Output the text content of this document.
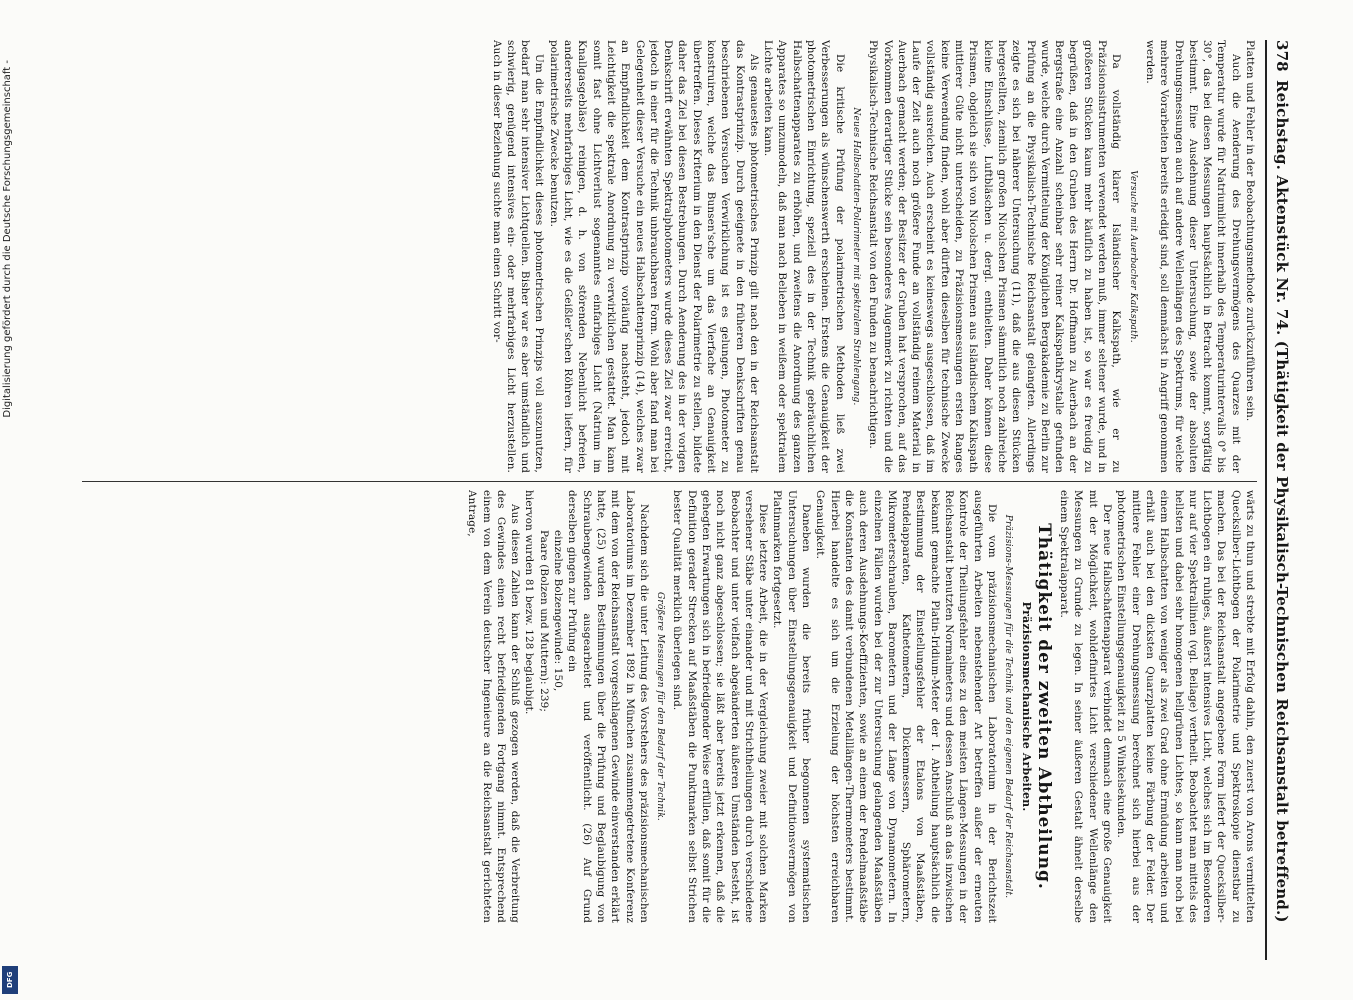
Digitalisierung gefördert durch die Deutsche Forschungsgemeinschaft -
DFG
378
Reichstag. Aktenstück Nr. 74. (Thätigkeit der Physikalisch-Technischen Reichsanstalt betreffend.)

Platten und Fehler in der Beobachtungsmethode zurückzuführen sein.

Auch die Aenderung des Drehungsvermögens des Quarzes mit der Temperatur wurde für Natriumlicht innerhalb des Temperaturintervalls 0° bis 30°, das bei diesen Messungen hauptsächlich in Betracht kommt, sorgfältig bestimmt. Eine Ausdehnung dieser Untersuchung, sowie der absoluten Drehungsmessungen auch auf andere Wellenlängen des Spektrums, für welche mehrere Vorarbeiten bereits erledigt sind, soll demnächst in Angriff genommen werden.

Versuche mit Auerbacher Kalkspath.

Da vollständig klarer Isländischer Kalkspath, wie er zu Präzisionsinstrumenten verwendet werden muß, immer seltener wurde, und in größeren Stücken kaum mehr käuflich zu haben ist, so war es freudig zu begrüßen, daß in den Gruben des Herrn Dr. Hoffmann zu Auerbach an der Bergstraße eine Anzahl scheinbar sehr reiner Kalkspathkrystalle gefunden wurde, welche durch Vermittelung der Königlichen Bergakademie zu Berlin zur Prüfung an die Physikalisch-Technische Reichsanstalt gelangten. Allerdings zeigte es sich bei näherer Untersuchung (11), daß die aus diesen Stücken hergestellten, ziemlich großen Nicolschen Prismen sämmtlich noch zahlreiche kleine Einschlüsse, Luftbläschen u. dergl. enthielten. Daher können diese Prismen, obgleich sie sich von Nicolschen Prismen aus Isländischem Kalkspath mittlerer Güte nicht unterscheiden, zu Präzisionsmessungen ersten Ranges keine Verwendung finden, wohl aber dürften dieselben für technische Zwecke vollständig ausreichen. Auch erscheint es keineswegs ausgeschlossen, daß im Laufe der Zeit auch noch größere Funde an vollständig reinem Material in Auerbach gemacht werden; der Besitzer der Gruben hat versprochen, auf das Vorkommen derartiger Stücke sein besonderes Augenmerk zu richten und die Physikalisch-Technische Reichsanstalt von den Funden zu benachrichtigen.

Neues Halbschatten-Polarimeter mit spektralem Strahlengang.

Die kritische Prüfung der polarimetrischen Methoden ließ zwei Verbesserungen als wünschenswerth erscheinen. Erstens die Genauigkeit der photometrischen Einrichtung, speziell des in der Technik gebräuchlichen Halbschattenapparates zu erhöhen, und zweitens die Anordnung des ganzen Apparates so umzumodeln, daß man nach Belieben in weißem oder spektralem Lichte arbeiten kann.

Als genauestes photometrisches Prinzip gilt nach den in der Reichsanstalt das Kontrastprinzip. Durch geeignete in den früheren Denkschriften genau beschriebenen Versuchen Verwirklichung ist es gelungen, Photometer zu konstruiren, welche das Bunsen'sche um das Vierfache an Genauigkeit übertreffen. Dieses Kriterium in den Dienst der Polarimetrie zu stellen, bildete daher das Ziel bei diesen Bestrebungen. Durch Aenderung des in der vorigen Denkschrift erwähnten Spektralphotometers wurde dieses Ziel zwar erreicht, jedoch in einer für die Technik unbrauchbaren Form. Wohl aber fand man bei Gelegenheit dieser Versuche ein neues Halbschattenprinzip (14), welches zwar an Empfindlichkeit dem Kontrastprinzip vorläufig nachsteht, jedoch mit Leichtigkeit die spektrale Anordnung zu verwirklichen gestattet. Man kann somit fast ohne Lichtverlust sogenanntes einfarbiges Licht (Natrium im Knallgasgebläse) reinigen, d. h. von störenden Nebenlicht befreien, andererseits mehrfarbiges Licht, wie es die Geißler'schen Röhren liefern, für polarimetrische Zwecke benutzen.

Um die Empfindlichkeit dieses photometrischen Prinzips voll auszunutzen, bedarf man sehr intensiver Lichtquellen. Bisher war es aber umständlich und schwierig, genügend intensives ein- oder mehrfarbiges Licht herzustellen. Auch in dieser Beziehung suchte man einen Schritt vor-

wärts zu thun und strebte mit Erfolg dahin, den zuerst von Arons vermittelten Quecksilber-Lichtbogen der Polarimetrie und Spektroskopie dienstbar zu machen. Das bei der Reichsanstalt angegebene Form liefert der Quecksilber-Lichtbogen ein ruhiges, äußerst intensives Licht, welches sich im Besonderen nur auf vier Spektrallinien (vgl. Beilage) vertheilt. Beobachtet man mittels des hellsten und dabei sehr homogenen hellgrünen Lichtes, so kann man noch bei einem Halbschatten von weniger als zwei Grad ohne Ermüdung arbeiten und erhält auch bei den dicksten Quarzplatten keine Färbung der Felder. Der mittlere Fehler einer Drehungsmessung berechnet sich hierbei aus der photometrischen Einstellungsgenauigkeit zu 5 Winkelsekunden.

Der neue Halbschattenapparat verbindet demnach eine große Genauigkeit mit der Möglichkeit, wohldefinirtes Licht verschiedener Wellenlänge den Messungen zu Grunde zu legen. In seiner äußeren Gestalt ähnelt derselbe einem Spektralapparat.

Thätigkeit der zweiten Abtheilung.
Präzisionsmechanische Arbeiten.
Präzisions-Messungen für die Technik und den eigenen Bedarf der Reichsanstalt.

Die vom präzisionsmechanischen Laboratorium in der Berichtszeit ausgeführten Arbeiten nebenstehender Art betreffen außer der erneuten Kontrole der Theilungsfehler eines zu den meisten Längen-Messungen in der Reichsanstalt benutzten Normalmeters und dessen Anschluß an das inzwischen bekannt gemachte Platin-Iridium-Meter der I. Abtheilung hauptsächlich die Bestimmung der Einstellungsfehler der Etalons von Maaßstäben, Pendelapparaten, Kathetometern, Dickenmessern, Sphärometern, Mikrometerschrauben, Barometern und der Länge von Dynamometern. In einzelnen Fällen wurden bei der zur Untersuchung gelangenden Maaßstäben auch deren Ausdehnungs-Koeffizienten, sowie an einem der Pendelmaaßstäbe die Konstanten des damit verbundenen Metalllängen-Thermometers bestimmt. Hierbei handelte es sich um die Erzielung der höchsten erreichbaren Genauigkeit.

Daneben wurden die bereits früher begonnenen systematischen Untersuchungen über Einstellungsgenauigkeit und Definitionsvermögen von Platinmarken fortgesetzt.

Diese letztere Arbeit, die in der Vergleichung zweier mit solchen Marken versehener Stäbe unter einander und mit Strichtheilungen durch verschiedene Beobachter und unter vielfach abgeänderten äußeren Umständen besteht, ist noch nicht ganz abgeschlossen; sie läßt aber bereits jetzt erkennen, daß die gehegten Erwartungen sich in befriedigender Weise erfüllen, daß somit für die Definition gerader Strecken auf Maaßstäben die Punktmarken selbst Strichen bester Qualität merklich überlegen sind.

Größere Messungen für den Bedarf der Technik.

Nachdem sich die unter Leitung des Vorstehers des präzisionsmechanischen Laboratoriums im Dezember 1892 in München zusammengetretene Konferenz mit dem von der Reichsanstalt vorgeschlagenen Gewinde einverstanden erklärt hatte, (25) wurden Bestimmungen über die Prüfung und Beglaubigung von Schraubengewinden ausgearbeitet und veröffentlicht. (26) Auf Grund derselben gingen zur Prüfung ein

einzelne Bolzengewinde: 150,

Paare (Bolzen und Muttern): 239;

hiervon wurden 81 bezw. 128 beglaubigt.

Aus diesen Zahlen kann der Schluß gezogen werden, daß die Verbreitung des Gewindes einen recht befriedigenden Fortgang nimmt. Entsprechend einem von dem Verein deutscher Ingenieure an die Reichsanstalt gerichteten Antrage,
